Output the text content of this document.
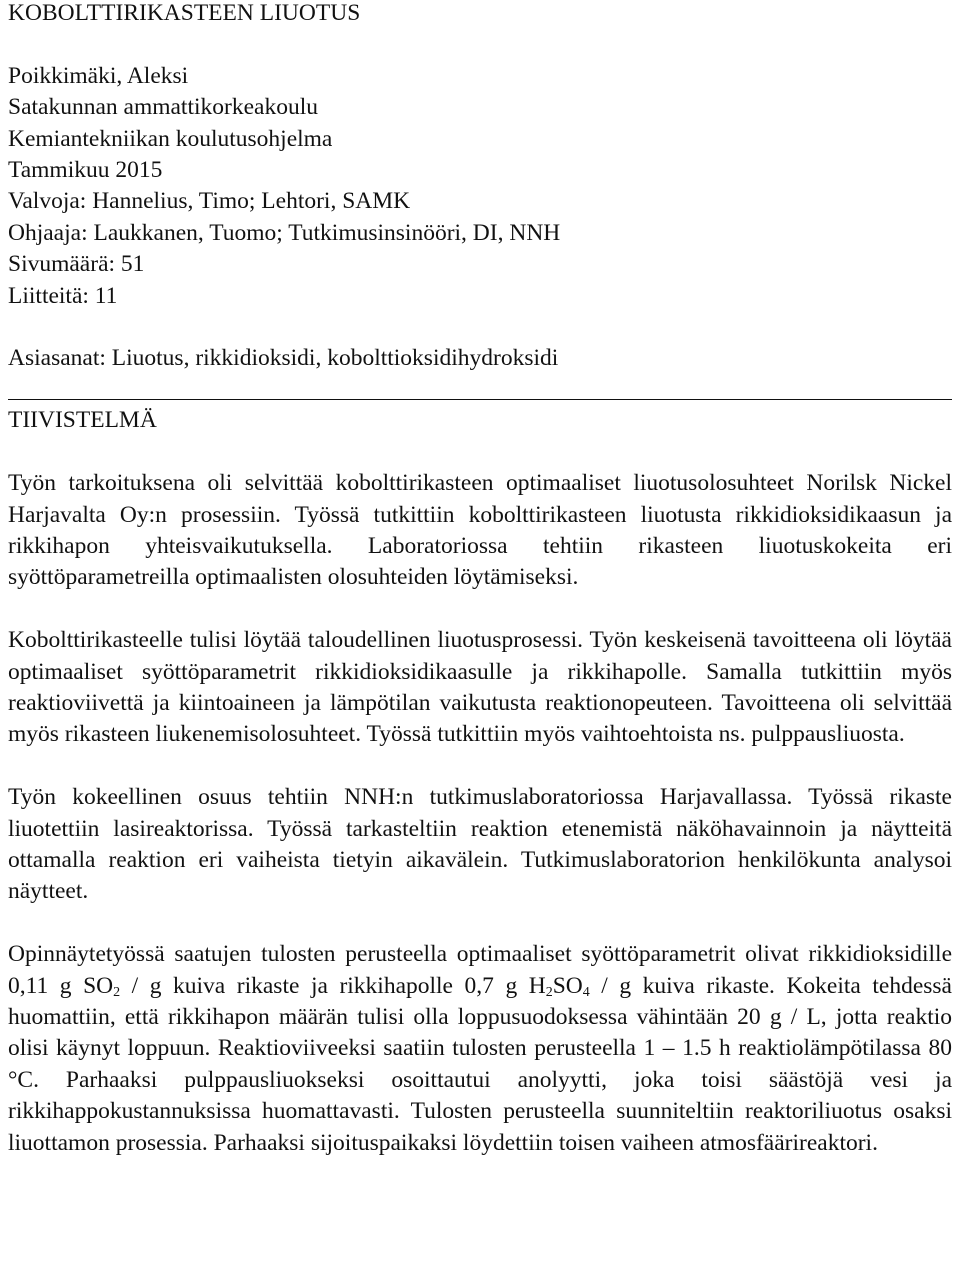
KOBOLTTIRIKASTEEN LIUOTUS

Poikkimäki, Aleksi

Satakunnan ammattikorkeakoulu

Kemiantekniikan koulutusohjelma

Tammikuu 2015

Valvoja: Hannelius, Timo; Lehtori, SAMK

Ohjaaja: Laukkanen, Tuomo; Tutkimusinsinööri, DI, NNH

Sivumäärä: 51

Liitteitä: 11

Asiasanat: Liuotus, rikkidioksidi, kobolttioksidihydroksidi

TIIVISTELMÄ

Työn tarkoituksena oli selvittää kobolttirikasteen optimaaliset liuotusolosuhteet Norilsk Nickel Harjavalta Oy:n prosessiin. Työssä tutkittiin kobolttirikasteen liuotusta rikkidioksidikaasun ja rikkihapon yhteisvaikutuksella. Laboratoriossa tehtiin rikasteen liuotuskokeita eri syöttöparametreilla optimaalisten olosuhteiden löytämiseksi.

Kobolttirikasteelle tulisi löytää taloudellinen liuotusprosessi. Työn keskeisenä tavoitteena oli löytää optimaaliset syöttöparametrit rikkidioksidikaasulle ja rikkihapolle. Samalla tutkittiin myös reaktioviivettä ja kiintoaineen ja lämpötilan vaikutusta reaktionopeuteen. Tavoitteena oli selvittää myös rikasteen liukenemisolosuhteet. Työssä tutkittiin myös vaihtoehtoista ns. pulppausliuosta.

Työn kokeellinen osuus tehtiin NNH:n tutkimuslaboratoriossa Harjavallassa. Työssä rikaste liuotettiin lasireaktorissa. Työssä tarkasteltiin reaktion etenemistä näköhavainnoin ja näytteitä ottamalla reaktion eri vaiheista tietyin aikavälein. Tutkimuslaboratorion henkilökunta analysoi näytteet.

Opinnäytetyössä saatujen tulosten perusteella optimaaliset syöttöparametrit olivat rikkidioksidille 0,11 g $SO_2$ / g kuiva rikaste ja rikkihapolle 0,7 g $H_2SO_4$ / g kuiva rikaste. Kokeita tehdessä huomattiin, että rikkihapon määrän tulisi olla loppusuodoksessa vähintään 20 g / L, jotta reaktio olisi käynyt loppuun. Reaktioviiveeksi saatiin tulosten perusteella 1 – 1.5 h reaktiolämpötilassa 80 °C. Parhaaksi pulppausliuokseksi osoittautui anolyytti, joka toisi säästöjä vesi ja rikkihappokustannuksissa huomattavasti. Tulosten perusteella suunniteltiin reaktoriliuotus osaksi liuottamon prosessia. Parhaaksi sijoituspaikaksi löydettiin toisen vaiheen atmosfäärireaktori.
